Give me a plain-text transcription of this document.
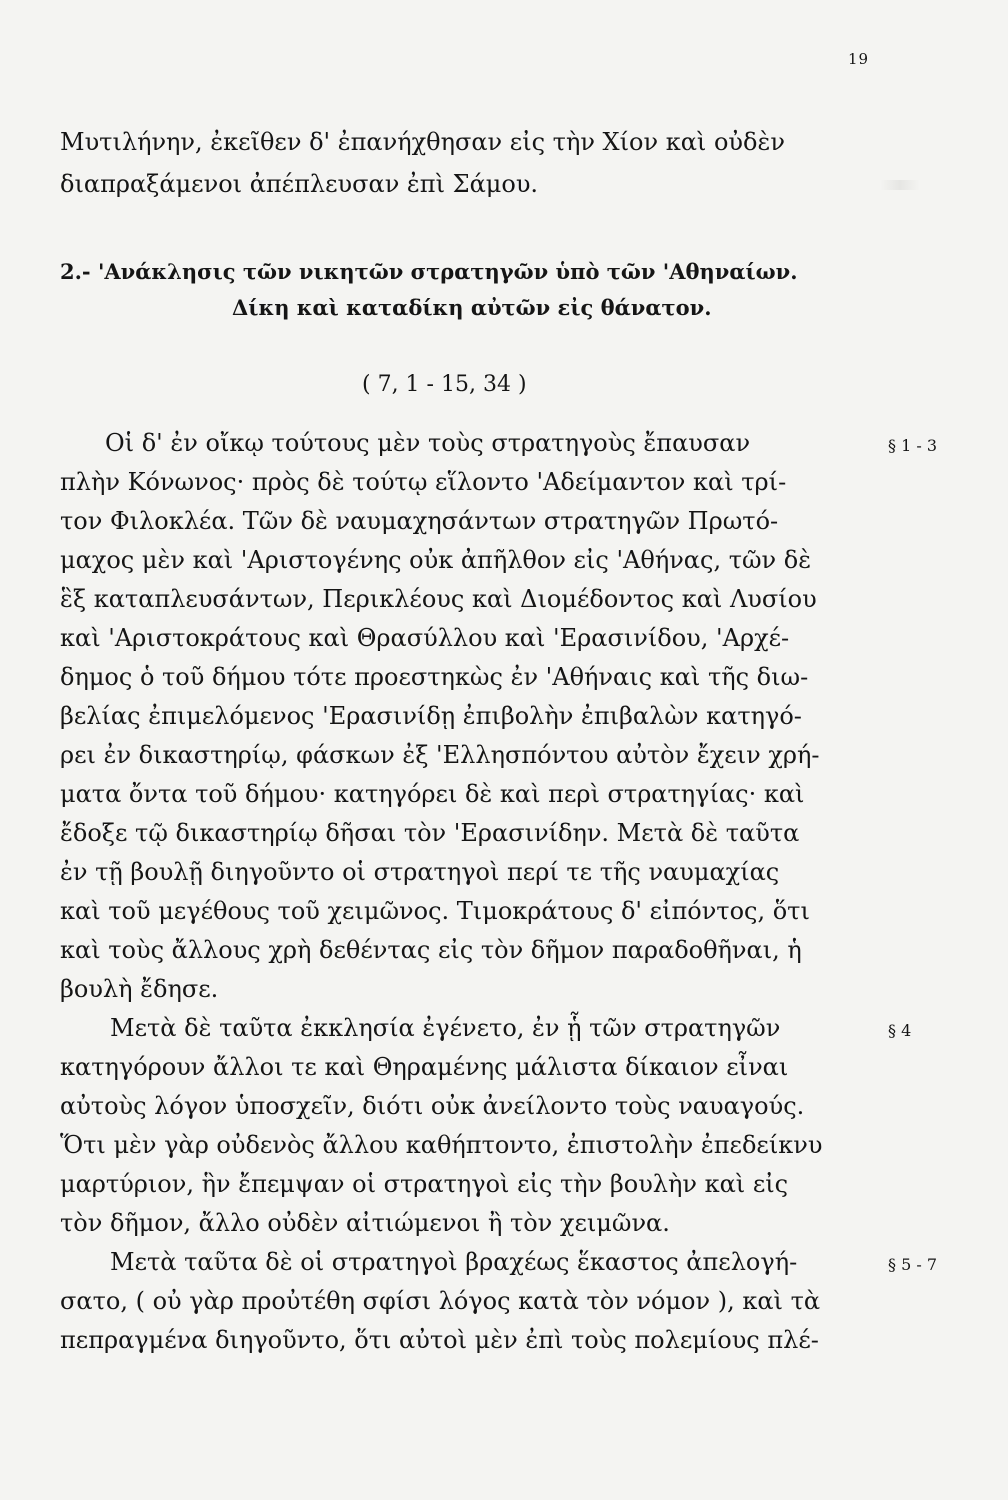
19
Μυτιλήνην, ἐκεῖθεν δ' ἐπανήχθησαν εἰς τὴν Χίον καὶ οὐδὲν
διαπραξάμενοι ἀπέπλευσαν ἐπὶ Σάμου.
2.- 'Ανάκλησις τῶν νικητῶν στρατηγῶν ὑπὸ τῶν 'Αθηναίων.
Δίκη καὶ καταδίκη αὐτῶν εἰς θάνατον.
( 7, 1 - 15, 34 )
Οἱ δ' ἐν οἴκῳ τούτους μὲν τοὺς στρατηγοὺς ἔπαυσαν
πλὴν Κόνωνος· πρὸς δὲ τούτῳ εἵλοντο 'Αδείμαντον καὶ τρί-
τον Φιλοκλέα. Τῶν δὲ ναυμαχησάντων στρατηγῶν Πρωτό-
μαχος μὲν καὶ 'Αριστογένης οὐκ ἀπῆλθον εἰς 'Αθήνας, τῶν δὲ
ἓξ καταπλευσάντων, Περικλέους καὶ Διομέδοντος καὶ Λυσίου
καὶ 'Αριστοκράτους καὶ Θρασύλλου καὶ 'Ερασινίδου, 'Αρχέ-
δημος ὁ τοῦ δήμου τότε προεστηκὼς ἐν 'Αθήναις καὶ τῆς διω-
βελίας ἐπιμελόμενος 'Ερασινίδῃ ἐπιβολὴν ἐπιβαλὼν κατηγό-
ρει ἐν δικαστηρίῳ, φάσκων ἐξ 'Ελλησπόντου αὐτὸν ἔχειν χρή-
ματα ὄντα τοῦ δήμου· κατηγόρει δὲ καὶ περὶ στρατηγίας· καὶ
ἔδοξε τῷ δικαστηρίῳ δῆσαι τὸν 'Ερασινίδην. Μετὰ δὲ ταῦτα
ἐν τῇ βουλῇ διηγοῦντο οἱ στρατηγοὶ περί τε τῆς ναυμαχίας
καὶ τοῦ μεγέθους τοῦ χειμῶνος. Τιμοκράτους δ' εἰπόντος, ὅτι
καὶ τοὺς ἄλλους χρὴ δεθέντας εἰς τὸν δῆμον παραδοθῆναι, ἡ
βουλὴ ἔδησε.
Μετὰ δὲ ταῦτα ἐκκλησία ἐγένετο, ἐν ᾗ τῶν στρατηγῶν
κατηγόρουν ἄλλοι τε καὶ Θηραμένης μάλιστα δίκαιον εἶναι
αὐτοὺς λόγον ὑποσχεῖν, διότι οὐκ ἀνείλοντο τοὺς ναυαγούς.
Ὅτι μὲν γὰρ οὐδενὸς ἄλλου καθήπτοντο, ἐπιστολὴν ἐπεδείκνυ
μαρτύριον, ἣν ἔπεμψαν οἱ στρατηγοὶ εἰς τὴν βουλὴν καὶ εἰς
τὸν δῆμον, ἄλλο οὐδὲν αἰτιώμενοι ἢ τὸν χειμῶνα.
Μετὰ ταῦτα δὲ οἱ στρατηγοὶ βραχέως ἕκαστος ἀπελογή-
σατο, ( οὐ γὰρ προὐτέθη σφίσι λόγος κατὰ τὸν νόμον ), καὶ τὰ
πεπραγμένα διηγοῦντο, ὅτι αὐτοὶ μὲν ἐπὶ τοὺς πολεμίους πλέ-
§ 1 - 3
§ 4
§ 5 - 7
